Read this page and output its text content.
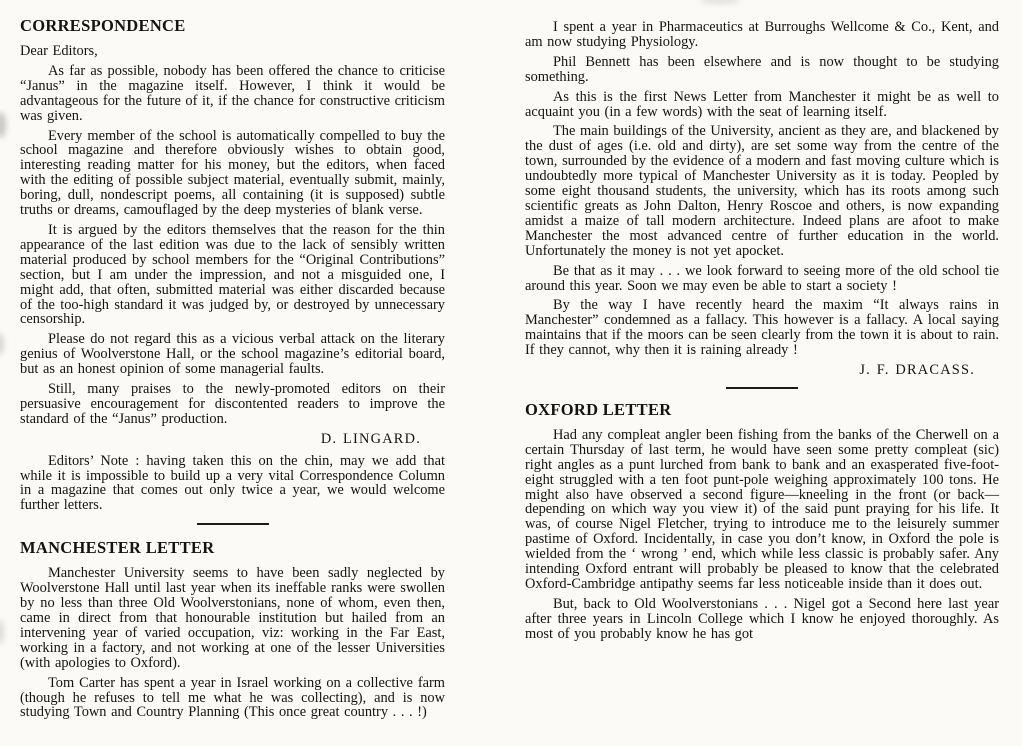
CORRESPONDENCE

Dear Editors,

As far as possible, nobody has been offered the chance to criticise “Janus” in the magazine itself. However, I think it would be advantageous for the future of it, if the chance for constructive criticism was given.

Every member of the school is automatically compelled to buy the school magazine and therefore obviously wishes to obtain good, interesting reading matter for his money, but the editors, when faced with the editing of possible subject material, eventually submit, mainly, boring, dull, nondescript poems, all containing (it is supposed) subtle truths or dreams, camouflaged by the deep mysteries of blank verse.

It is argued by the editors themselves that the reason for the thin appearance of the last edition was due to the lack of sensibly written material produced by school members for the “Original Contributions” section, but I am under the impression, and not a misguided one, I might add, that often, submitted material was either discarded because of the too-high standard it was judged by, or destroyed by unnecessary censorship.

Please do not regard this as a vicious verbal attack on the literary genius of Woolverstone Hall, or the school magazine’s editorial board, but as an honest opinion of some managerial faults.

Still, many praises to the newly-promoted editors on their persuasive encouragement for discontented readers to improve the standard of the “Janus” production.

D. LINGARD.

Editors’ Note : having taken this on the chin, may we add that while it is impossible to build up a very vital Correspondence Column in a magazine that comes out only twice a year, we would welcome further letters.

MANCHESTER LETTER

Manchester University seems to have been sadly neglected by Woolverstone Hall until last year when its ineffable ranks were swollen by no less than three Old Woolverstonians, none of whom, even then, came in direct from that honourable institution but hailed from an intervening year of varied occupation, viz: working in the Far East, working in a factory, and not working at one of the lesser Universities (with apologies to Oxford).

Tom Carter has spent a year in Israel working on a collective farm (though he refuses to tell me what he was collecting), and is now studying Town and Country Planning (This once great country . . . !)

I spent a year in Pharmaceutics at Burroughs Wellcome & Co., Kent, and am now studying Physiology.

Phil Bennett has been elsewhere and is now thought to be studying something.

As this is the first News Letter from Manchester it might be as well to acquaint you (in a few words) with the seat of learning itself.

The main buildings of the University, ancient as they are, and blackened by the dust of ages (i.e. old and dirty), are set some way from the centre of the town, surrounded by the evidence of a modern and fast moving culture which is undoubtedly more typical of Manchester University as it is today. Peopled by some eight thousand students, the university, which has its roots among such scientific greats as John Dalton, Henry Roscoe and others, is now expanding amidst a maize of tall modern architecture. Indeed plans are afoot to make Manchester the most advanced centre of further education in the world. Unfortunately the money is not yet apocket.

Be that as it may . . . we look forward to seeing more of the old school tie around this year. Soon we may even be able to start a society !

By the way I have recently heard the maxim “It always rains in Manchester” condemned as a fallacy. This however is a fallacy. A local saying maintains that if the moors can be seen clearly from the town it is about to rain. If they cannot, why then it is raining already !

J. F. DRACASS.

OXFORD LETTER

Had any compleat angler been fishing from the banks of the Cherwell on a certain Thursday of last term, he would have seen some pretty compleat (sic) right angles as a punt lurched from bank to bank and an exasperated five-foot-eight struggled with a ten foot punt-pole weighing approximately 100 tons. He might also have observed a second figure—kneeling in the front (or back—depending on which way you view it) of the said punt praying for his life. It was, of course Nigel Fletcher, trying to introduce me to the leisurely summer pastime of Oxford. Incidentally, in case you don’t know, in Oxford the pole is wielded from the ‘ wrong ’ end, which while less classic is probably safer. Any intending Oxford entrant will probably be pleased to know that the celebrated Oxford-Cambridge antipathy seems far less noticeable inside than it does out.

But, back to Old Woolverstonians . . . Nigel got a Second here last year after three years in Lincoln College which I know he enjoyed thoroughly. As most of you probably know he has got
